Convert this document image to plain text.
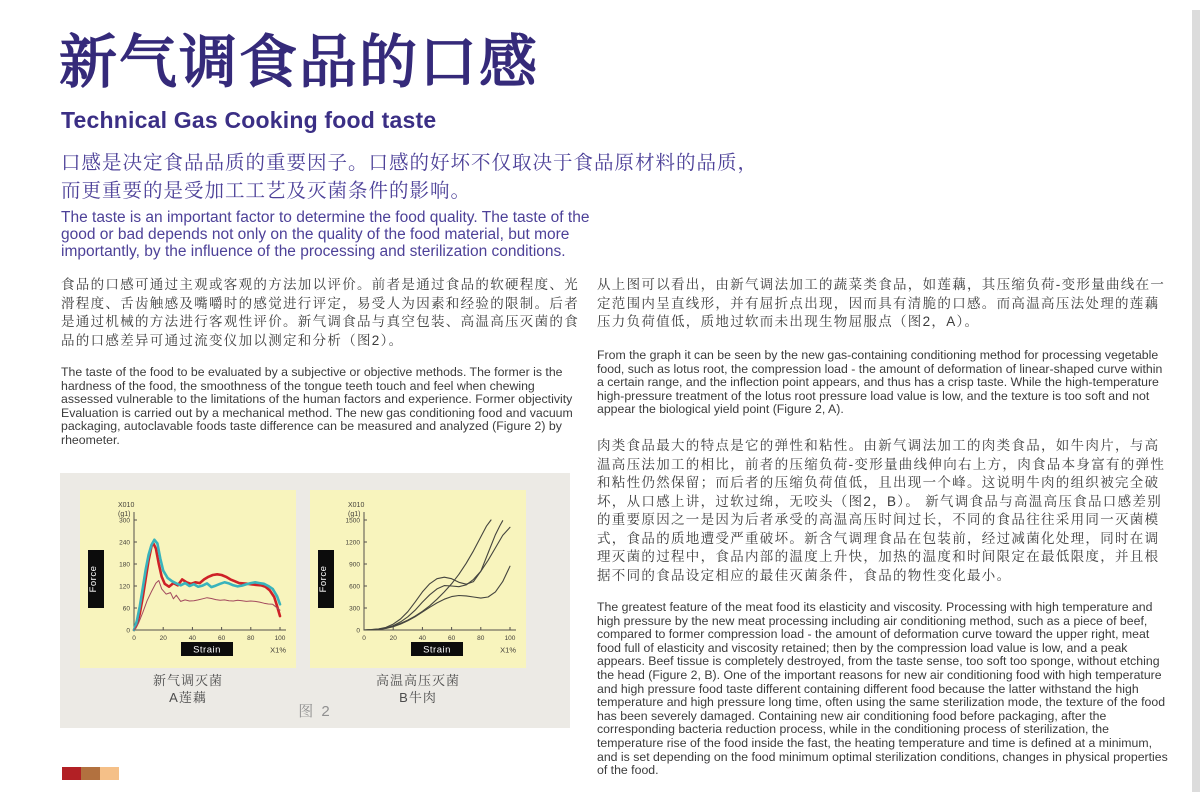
新气调食品的口感
Technical Gas Cooking food taste
口感是决定食品品质的重要因子。口感的好坏不仅取决于食品原材料的品质，
而更重要的是受加工工艺及灭菌条件的影响。
The taste is an important factor to determine the food quality. The taste of the good or bad depends not only on the quality of the food material, but more importantly, by the influence of the processing and sterilization conditions.
食品的口感可通过主观或客观的方法加以评价。前者是通过食品的软硬程度、光滑程度、舌齿触感及嘴嚼时的感觉进行评定，易受人为因素和经验的限制。后者是通过机械的方法进行客观性评价。新气调食品与真空包装、高温高压灭菌的食品的口感差异可通过流变仪加以测定和分析（图2）。
The taste of the food to be evaluated by a subjective or objective methods. The former is the hardness of the food, the smoothness of the tongue teeth touch and feel when chewing assessed vulnerable to the limitations of the human factors and experience. Former objectivity Evaluation is carried out by a mechanical method. The new gas conditioning food and vacuum packaging, autoclavable foods taste difference can be measured and analyzed (Figure 2) by rheometer.
从上图可以看出，由新气调法加工的蔬菜类食品，如莲藕，其压缩负荷-变形量曲线在一定范围内呈直线形，并有屈折点出现，因而具有清脆的口感。而高温高压法处理的莲藕压力负荷值低，质地过软而未出现生物屈服点（图2，A）。
From the graph it can be seen by the new gas-containing conditioning method for processing vegetable food, such as lotus root, the compression load - the amount of deformation of linear-shaped curve within a certain range, and the inflection point appears, and thus has a crisp taste. While the high-temperature high-pressure treatment of the lotus root pressure load value is low, and the texture is too soft and not appear the biological yield point (Figure 2, A).
肉类食品最大的特点是它的弹性和粘性。由新气调法加工的肉类食品，如牛肉片，与高温高压法加工的相比，前者的压缩负荷-变形量曲线伸向右上方，肉食品本身富有的弹性和粘性仍然保留；而后者的压缩负荷值低，且出现一个峰。这说明牛肉的组织被完全破坏，从口感上讲，过软过绵，无咬头（图2，B）。 新气调食品与高温高压食品口感差别的重要原因之一是因为后者承受的高温高压时间过长，不同的食品往往采用同一灭菌模式，食品的质地遭受严重破坏。新含气调理食品在包装前，经过减菌化处理，同时在调理灭菌的过程中，食品内部的温度上升快，加热的温度和时间限定在最低限度，并且根据不同的食品设定相应的最佳灭菌条件，食品的物性变化最小。
The greatest feature of the meat food its elasticity and viscosity. Processing with high temperature and high pressure by the new meat processing including air conditioning method, such as a piece of beef, compared to former compression load - the amount of deformation curve toward the upper right, meat food full of elasticity and viscosity retained; then by the compression load value is low, and a peak appears. Beef tissue is completely destroyed, from the taste sense, too soft too sponge, without etching the head (Figure 2, B). One of the important reasons for new air conditioning food with high temperature and high pressure food taste different containing different food because the latter withstand the high temperature and high pressure long time, often using the same sterilization mode, the texture of the food has been severely damaged. Containing new air conditioning food before packaging, after the corresponding bacteria reduction process, while in the conditioning process of sterilization, the temperature rise of the food inside the fast, the heating temperature and time is defined at a minimum, and is set depending on the food minimum optimal sterilization conditions, changes in physical properties of the food.
X010
(g1)
0
60
120
180
240
300
0	20	40	60	80	100
Force
Strain	X1%
X010
(g1)
0
300
600
900
1200
1500
0	20	40	60	80	100
Force
Strain	X1%
新气调灭菌
A莲藕
高温高压灭菌
B牛肉
图 2
